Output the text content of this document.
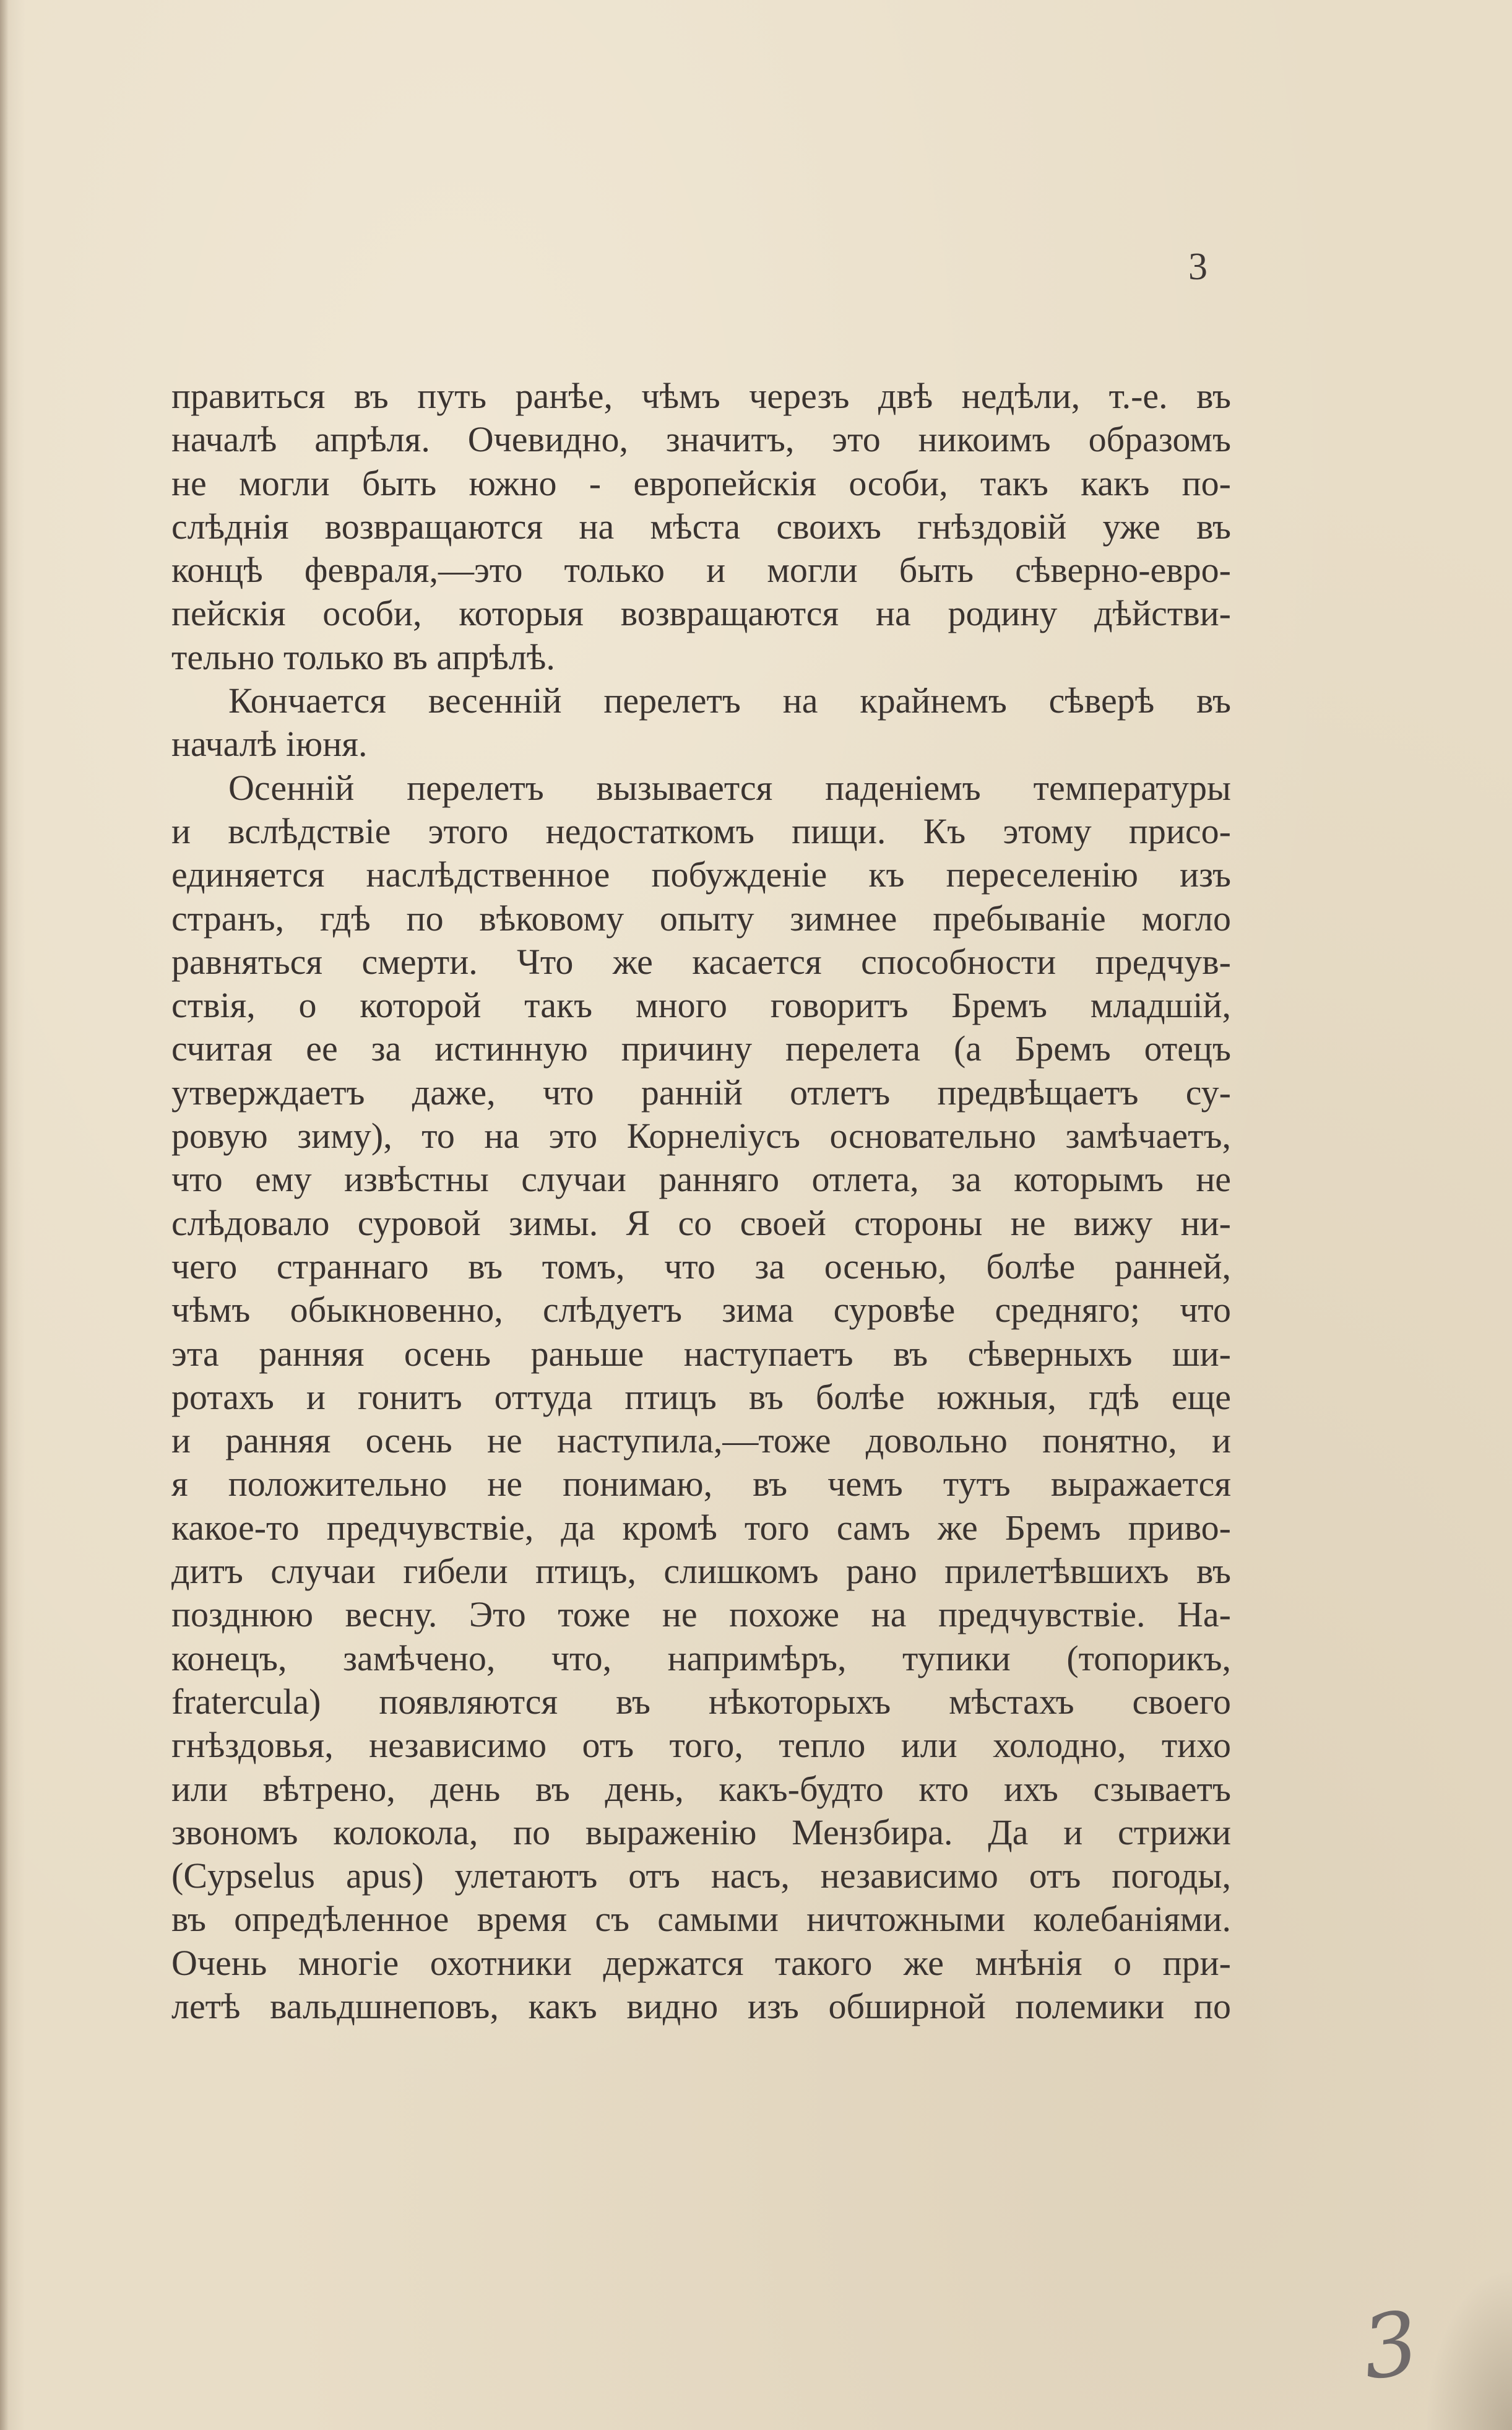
3
правиться въ путь ранѣе, чѣмъ черезъ двѣ недѣли, т.-е. въ
началѣ апрѣля. Очевидно, значитъ, это никоимъ образомъ
не могли быть южно - европейскія особи, такъ какъ по-
слѣднія возвращаются на мѣста своихъ гнѣздовій уже въ
концѣ февраля,—это только и могли быть сѣверно-евро-
пейскія особи, которыя возвращаются на родину дѣйстви-
тельно только въ апрѣлѣ.
Кончается весенній перелетъ на крайнемъ сѣверѣ въ
началѣ іюня.
Осенній перелетъ вызывается паденіемъ температуры
и вслѣдствіе этого недостаткомъ пищи. Къ этому присо-
единяется наслѣдственное побужденіе къ переселенію изъ
странъ, гдѣ по вѣковому опыту зимнее пребываніе могло
равняться смерти. Что же касается способности предчув-
ствія, о которой такъ много говоритъ Бремъ младшій,
считая ее за истинную причину перелета (а Бремъ отецъ
утверждаетъ даже, что ранній отлетъ предвѣщаетъ су-
ровую зиму), то на это Корнеліусъ основательно замѣчаетъ,
что ему извѣстны случаи ранняго отлета, за которымъ не
слѣдовало суровой зимы. Я со своей стороны не вижу ни-
чего страннаго въ томъ, что за осенью, болѣе ранней,
чѣмъ обыкновенно, слѣдуетъ зима суровѣе средняго; что
эта ранняя осень раньше наступаетъ въ сѣверныхъ ши-
ротахъ и гонитъ оттуда птицъ въ болѣе южныя, гдѣ еще
и ранняя осень не наступила,—тоже довольно понятно, и
я положительно не понимаю, въ чемъ тутъ выражается
какое-то предчувствіе, да кромѣ того самъ же Бремъ приво-
дитъ случаи гибели птицъ, слишкомъ рано прилетѣвшихъ въ
позднюю весну. Это тоже не похоже на предчувствіе. На-
конецъ, замѣчено, что, напримѣръ, тупики (топорикъ,
fratercula) появляются въ нѣкоторыхъ мѣстахъ своего
гнѣздовья, независимо отъ того, тепло или холодно, тихо
или вѣтрено, день въ день, какъ-будто кто ихъ сзываетъ
звономъ колокола, по выраженію Мензбира. Да и стрижи
(Cypselus apus) улетаютъ отъ насъ, независимо отъ погоды,
въ опредѣленное время съ самыми ничтожными колебаніями.
Очень многіе охотники держатся такого же мнѣнія о при-
летѣ вальдшнеповъ, какъ видно изъ обширной полемики по
3
